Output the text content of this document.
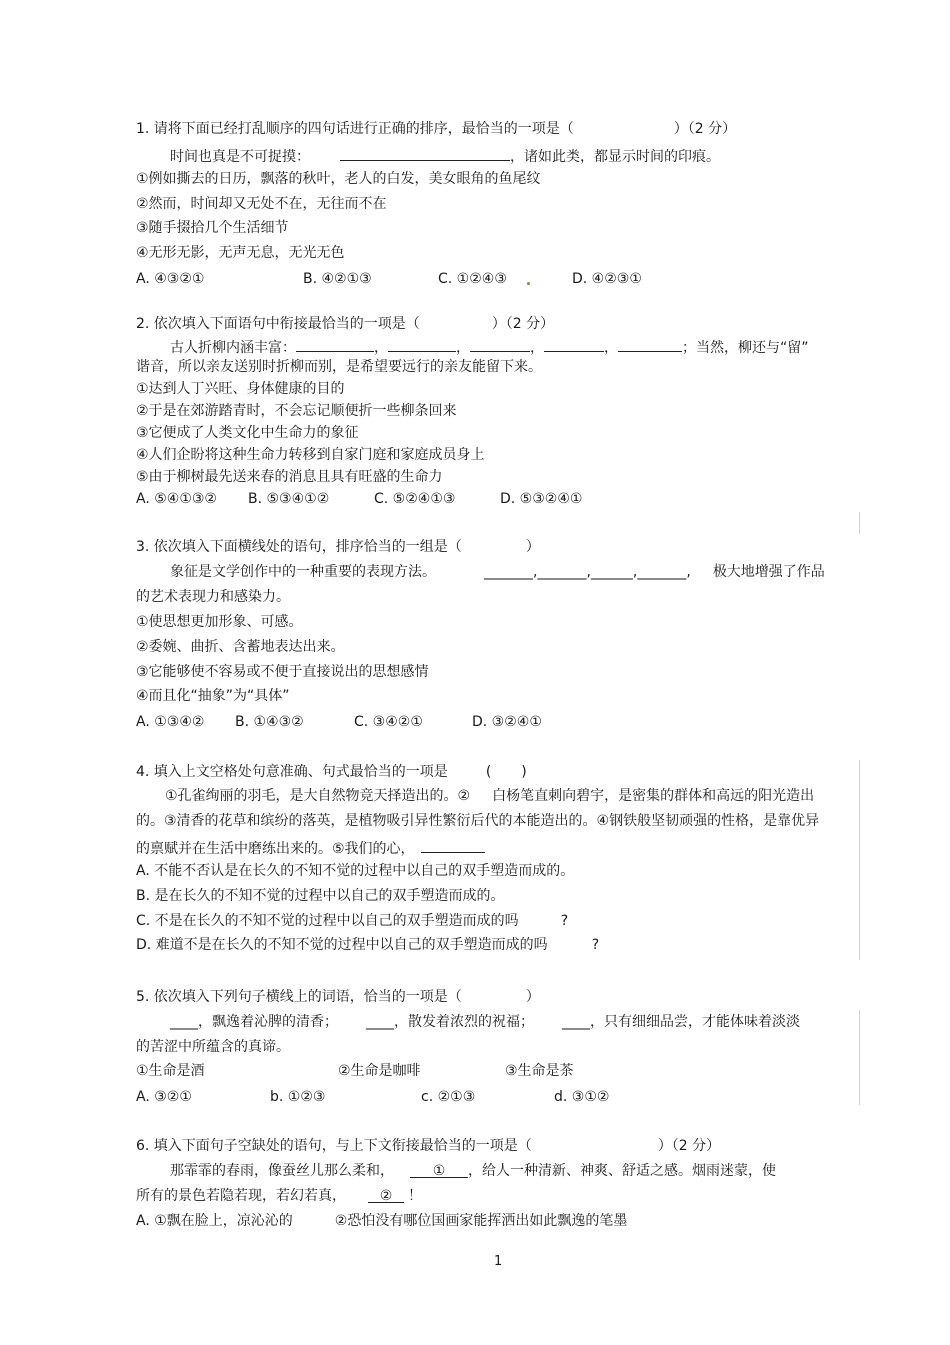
1. 请将下面已经打乱顺序的四句话进行正确的排序，最恰当的一项是（	）（2 分）
时间也真是不可捉摸：	，诸如此类，都显示时间的印痕。
①例如撕去的日历，飘落的秋叶，老人的白发，美女眼角的鱼尾纹
②然而，时间却又无处不在，无往而不在
③随手掇拾几个生活细节
④无形无影，无声无息，无光无色
A. ④③②①	B. ④②①③	C. ①②④③	D. ④②③①
2. 依次填入下面语句中衔接最恰当的一项是（	）（2 分）
古人折柳内涵丰富：	，	，	，	，	；当然，柳还与“留”
谐音，所以亲友送别时折柳而别，是希望要远行的亲友能留下来。
①达到人丁兴旺、身体健康的目的
②于是在郊游踏青时，不会忘记顺便折一些柳条回来
③它便成了人类文化中生命力的象征
④人们企盼将这种生命力转移到自家门庭和家庭成员身上
⑤由于柳树最先送来春的消息且具有旺盛的生命力
A. ⑤④①③② B. ⑤③④①②	C. ⑤②④①③	D. ⑤③②④①
3. 依次填入下面横线处的语句，排序恰当的一组是（	）
象征是文学创作中的一种重要的表现方法。	_______,_______,______,_______, 极大地增强了作品
的艺术表现力和感染力。
①使思想更加形象、可感。
②委婉、曲折、含蓄地表达出来。
③它能够使不容易或不便于直接说出的思想感情
④而且化“抽象”为“具体”
A. ①③④② B. ①④③②	C. ③④②①	D. ③②④①
4. 填入上文空格处句意准确、句式最恰当的一项是	( )
①孔雀绚丽的羽毛，是大自然物竞天择造出的。② 白杨笔直刺向碧宇，是密集的群体和高远的阳光造出
的。③清香的花草和缤纷的落英，是植物吸引异性繁衍后代的本能造出的。④钢铁般坚韧顽强的性格，是靠优异
的禀赋并在生活中磨练出来的。⑤我们的心，
A. 不能不否认是在长久的不知不觉的过程中以自己的双手塑造而成的。
B. 是在长久的不知不觉的过程中以自己的双手塑造而成的。
C. 不是在长久的不知不觉的过程中以自己的双手塑造而成的吗	?
D. 难道不是在长久的不知不觉的过程中以自己的双手塑造而成的吗	?
5. 依次填入下列句子横线上的词语，恰当的一项是（	）
____，飘逸着沁脾的清香； ____，散发着浓烈的祝福； ____，只有细细品尝，才能体味着淡淡
的苦涩中所蕴含的真谛。
①生命是酒	②生命是咖啡	③生命是茶
A. ③②①	b. ①②③	c. ②①③	d. ③①②
6. 填入下面句子空缺处的语句，与上下文衔接最恰当的一项是（	）（2 分）
那霏霏的春雨，像蚕丝儿那么柔和，	① ，给人一种清新、神爽、舒适之感。烟雨迷蒙，使
所有的景色若隐若现，若幻若真， ② ！
A. ①飘在脸上，凉沁沁的	②恐怕没有哪位国画家能挥洒出如此飘逸的笔墨
1
